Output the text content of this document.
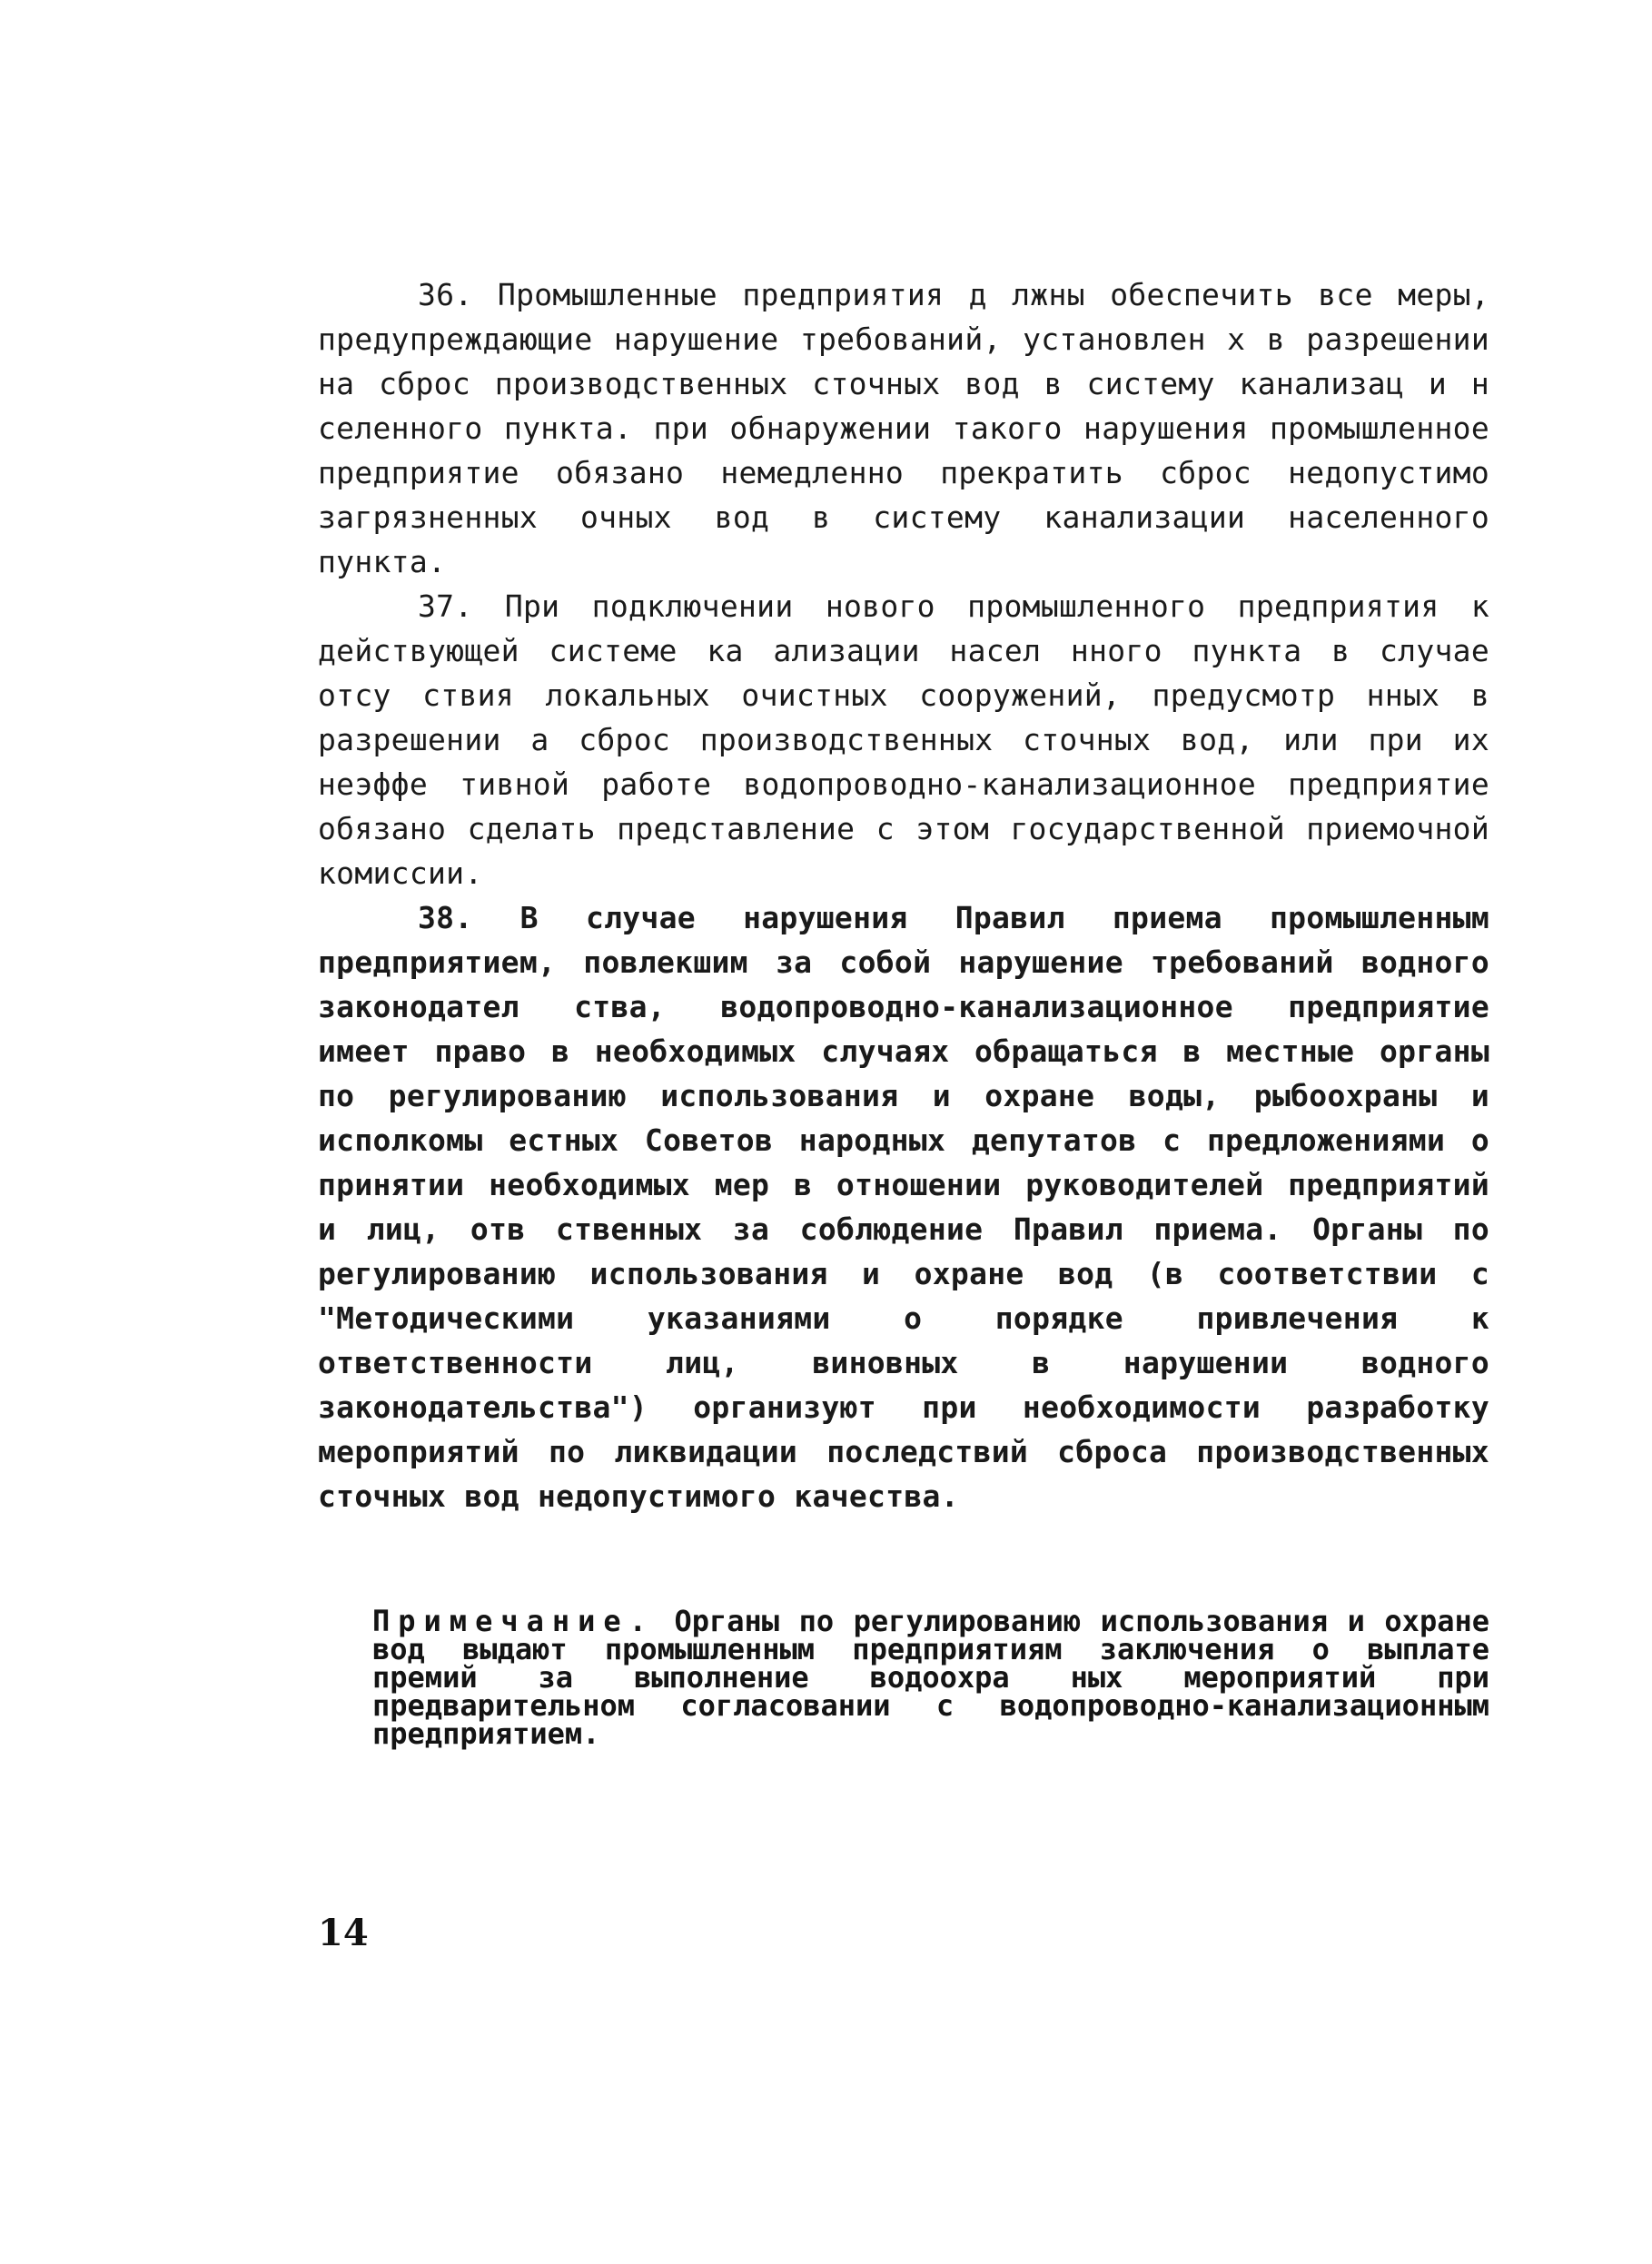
36. Промышленные предприятия д лжны обеспечить все меры, предупреждающие нарушение требований, установлен х в разрешении на сброс производственных сточных вод в систему канализац и н селенного пункта. при обнаружении такого нарушения промышленное предприятие обязано немедленно прекратить сброс недопустимо загрязненных очных вод в систему канализации населенного пункта.

37. При подключении нового промышленного предприятия к действующей системе ка ализации насел нного пункта в случае отсу ствия локальных очистных сооружений, предусмотр нных в разрешении а сброс производственных сточных вод, или при их неэффе тивной работе водопроводно-канализационное предприятие обязано сделать представление с этом государственной приемочной комиссии.

38. В случае нарушения Правил приема промышленным предприятием, повлекшим за собой нарушение требований водного законодател ства, водопроводно-канализационное предприятие имеет право в необходимых случаях обращаться в местные органы по регулированию использования и охране воды, рыбоохраны и исполкомы естных Советов народных депутатов с предложениями о принятии необходимых мер в отношении руководителей предприятий и лиц, отв ственных за соблюдение Правил приема. Органы по регулированию использования и охране вод (в соответствии с "Методическими указаниями о порядке привлечения к ответственности лиц, виновных в нарушении водного законодательства") организуют при необходимости разработку мероприятий по ликвидации последствий сброса производственных сточных вод недопустимого качества.

Примечание. Органы по регулированию использования и охране вод выдают промышленным предприятиям заключения о выплате премий за выполнение водоохра ных мероприятий при предварительном согласовании с водопроводно-канализационным предприятием.
14
